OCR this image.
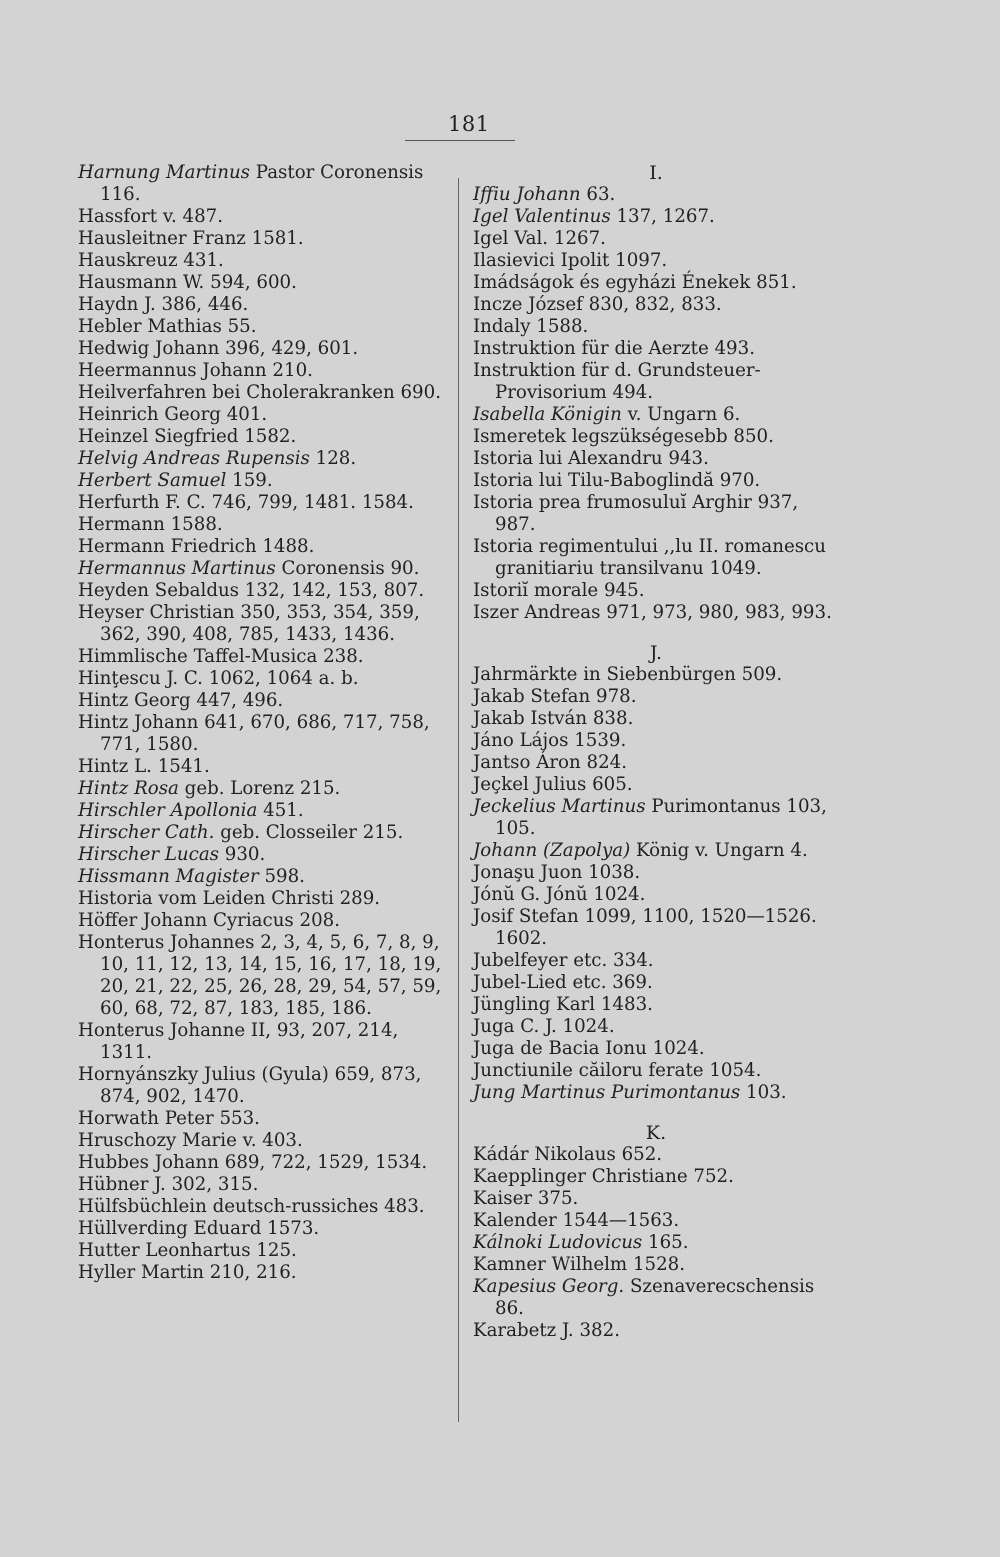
181

Harnung Martinus Pastor Coronensis 116.

Hassfort v. 487.

Hausleitner Franz 1581.

Hauskreuz 431.

Hausmann W. 594, 600.

Haydn J. 386, 446.

Hebler Mathias 55.

Hedwig Johann 396, 429, 601.

Heermannus Johann 210.

Heilverfahren bei Cholerakranken 690.

Heinrich Georg 401.

Heinzel Siegfried 1582.

Helvig Andreas Rupensis 128.

Herbert Samuel 159.

Herfurth F. C. 746, 799, 1481. 1584.

Hermann 1588.

Hermann Friedrich 1488.

Hermannus Martinus Coronensis 90.

Heyden Sebaldus 132, 142, 153, 807.

Heyser Christian 350, 353, 354, 359, 362, 390, 408, 785, 1433, 1436.

Himmlische Taffel-Musica 238.

Hinţescu J. C. 1062, 1064 a. b.

Hintz Georg 447, 496.

Hintz Johann 641, 670, 686, 717, 758, 771, 1580.

Hintz L. 1541.

Hintz Rosa geb. Lorenz 215.

Hirschler Apollonia 451.

Hirscher Cath. geb. Closseiler 215.

Hirscher Lucas 930.

Hissmann Magister 598.

Historia vom Leiden Christi 289.

Höffer Johann Cyriacus 208.

Honterus Johannes 2, 3, 4, 5, 6, 7, 8, 9, 10, 11, 12, 13, 14, 15, 16, 17, 18, 19, 20, 21, 22, 25, 26, 28, 29, 54, 57, 59, 60, 68, 72, 87, 183, 185, 186.

Honterus Johanne II, 93, 207, 214, 1311.

Hornyánszky Julius (Gyula) 659, 873, 874, 902, 1470.

Horwath Peter 553.

Hruschozy Marie v. 403.

Hubbes Johann 689, 722, 1529, 1534.

Hübner J. 302, 315.

Hülfsbüchlein deutsch-russiches 483.

Hüllverding Eduard 1573.

Hutter Leonhartus 125.

Hyller Martin 210, 216.

I.

Iffiu Johann 63.

Igel Valentinus 137, 1267.

Igel Val. 1267.

Ilasievici Ipolit 1097.

Imádságok és egyházi Énekek 851.

Incze József 830, 832, 833.

Indaly 1588.

Instruktion für die Aerzte 493.

Instruktion für d. Grundsteuer- Provisorium 494.

Isabella Königin v. Ungarn 6.

Ismeretek legszükségesebb 850.

Istoria lui Alexandru 943.

Istoria lui Tilu-Baboglindă 970.

Istoria prea frumosuluĭ Arghir 937, 987.

Istoria regimentului ,,lu II. romanescu granitiariu transilvanu 1049.

Istoriĭ morale 945.

Iszer Andreas 971, 973, 980, 983, 993.

J.

Jahrmärkte in Siebenbürgen 509.

Jakab Stefan 978.

Jakab István 838.

Jáno Lájos 1539.

Jantso Áron 824.

Jeçkel Julius 605.

Jeckelius Martinus Purimontanus 103, 105.

Johann (Zapolya) König v. Ungarn 4.

Jonaşu Juon 1038.

Jónŭ G. Jónŭ 1024.

Josif Stefan 1099, 1100, 1520—1526. 1602.

Jubelfeyer etc. 334.

Jubel-Lied etc. 369.

Jüngling Karl 1483.

Juga C. J. 1024.

Juga de Bacia Ionu 1024.

Junctiunile căiloru ferate 1054.

Jung Martinus Purimontanus 103.

K.

Kádár Nikolaus 652.

Kaepplinger Christiane 752.

Kaiser 375.

Kalender 1544—1563.

Kálnoki Ludovicus 165.

Kamner Wilhelm 1528.

Kapesius Georg. Szenaverecschensis 86.

Karabetz J. 382.
